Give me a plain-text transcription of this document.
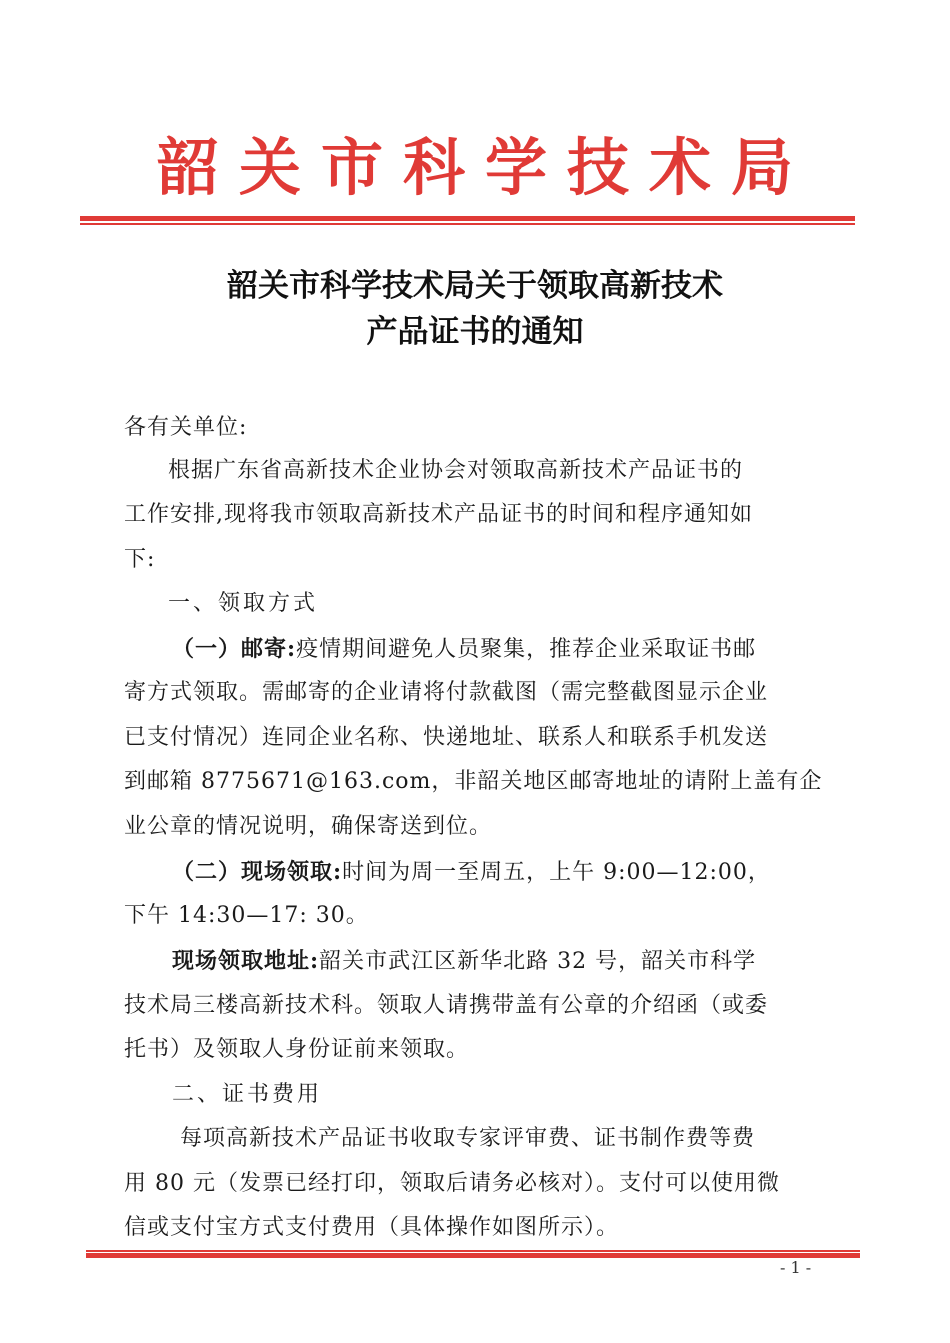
韶关市科学技术局
韶关市科学技术局关于领取高新技术
产品证书的通知
各有关单位:
根据广东省高新技术企业协会对领取高新技术产品证书的
工作安排,现将我市领取高新技术产品证书的时间和程序通知如
下:
一、领取方式
（一）邮寄:疫情期间避免人员聚集，推荐企业采取证书邮
寄方式领取。需邮寄的企业请将付款截图（需完整截图显示企业
已支付情况）连同企业名称、快递地址、联系人和联系手机发送
到邮箱 8775671@163.com，非韶关地区邮寄地址的请附上盖有企
业公章的情况说明，确保寄送到位。
（二）现场领取:时间为周一至周五，上午 9:00—12:00，
下午 14:30—17: 30。
现场领取地址:韶关市武江区新华北路 32 号，韶关市科学
技术局三楼高新技术科。领取人请携带盖有公章的介绍函（或委
托书）及领取人身份证前来领取。
二、证书费用
每项高新技术产品证书收取专家评审费、证书制作费等费
用 80 元（发票已经打印，领取后请务必核对）。支付可以使用微
信或支付宝方式支付费用（具体操作如图所示）。
- 1 -
